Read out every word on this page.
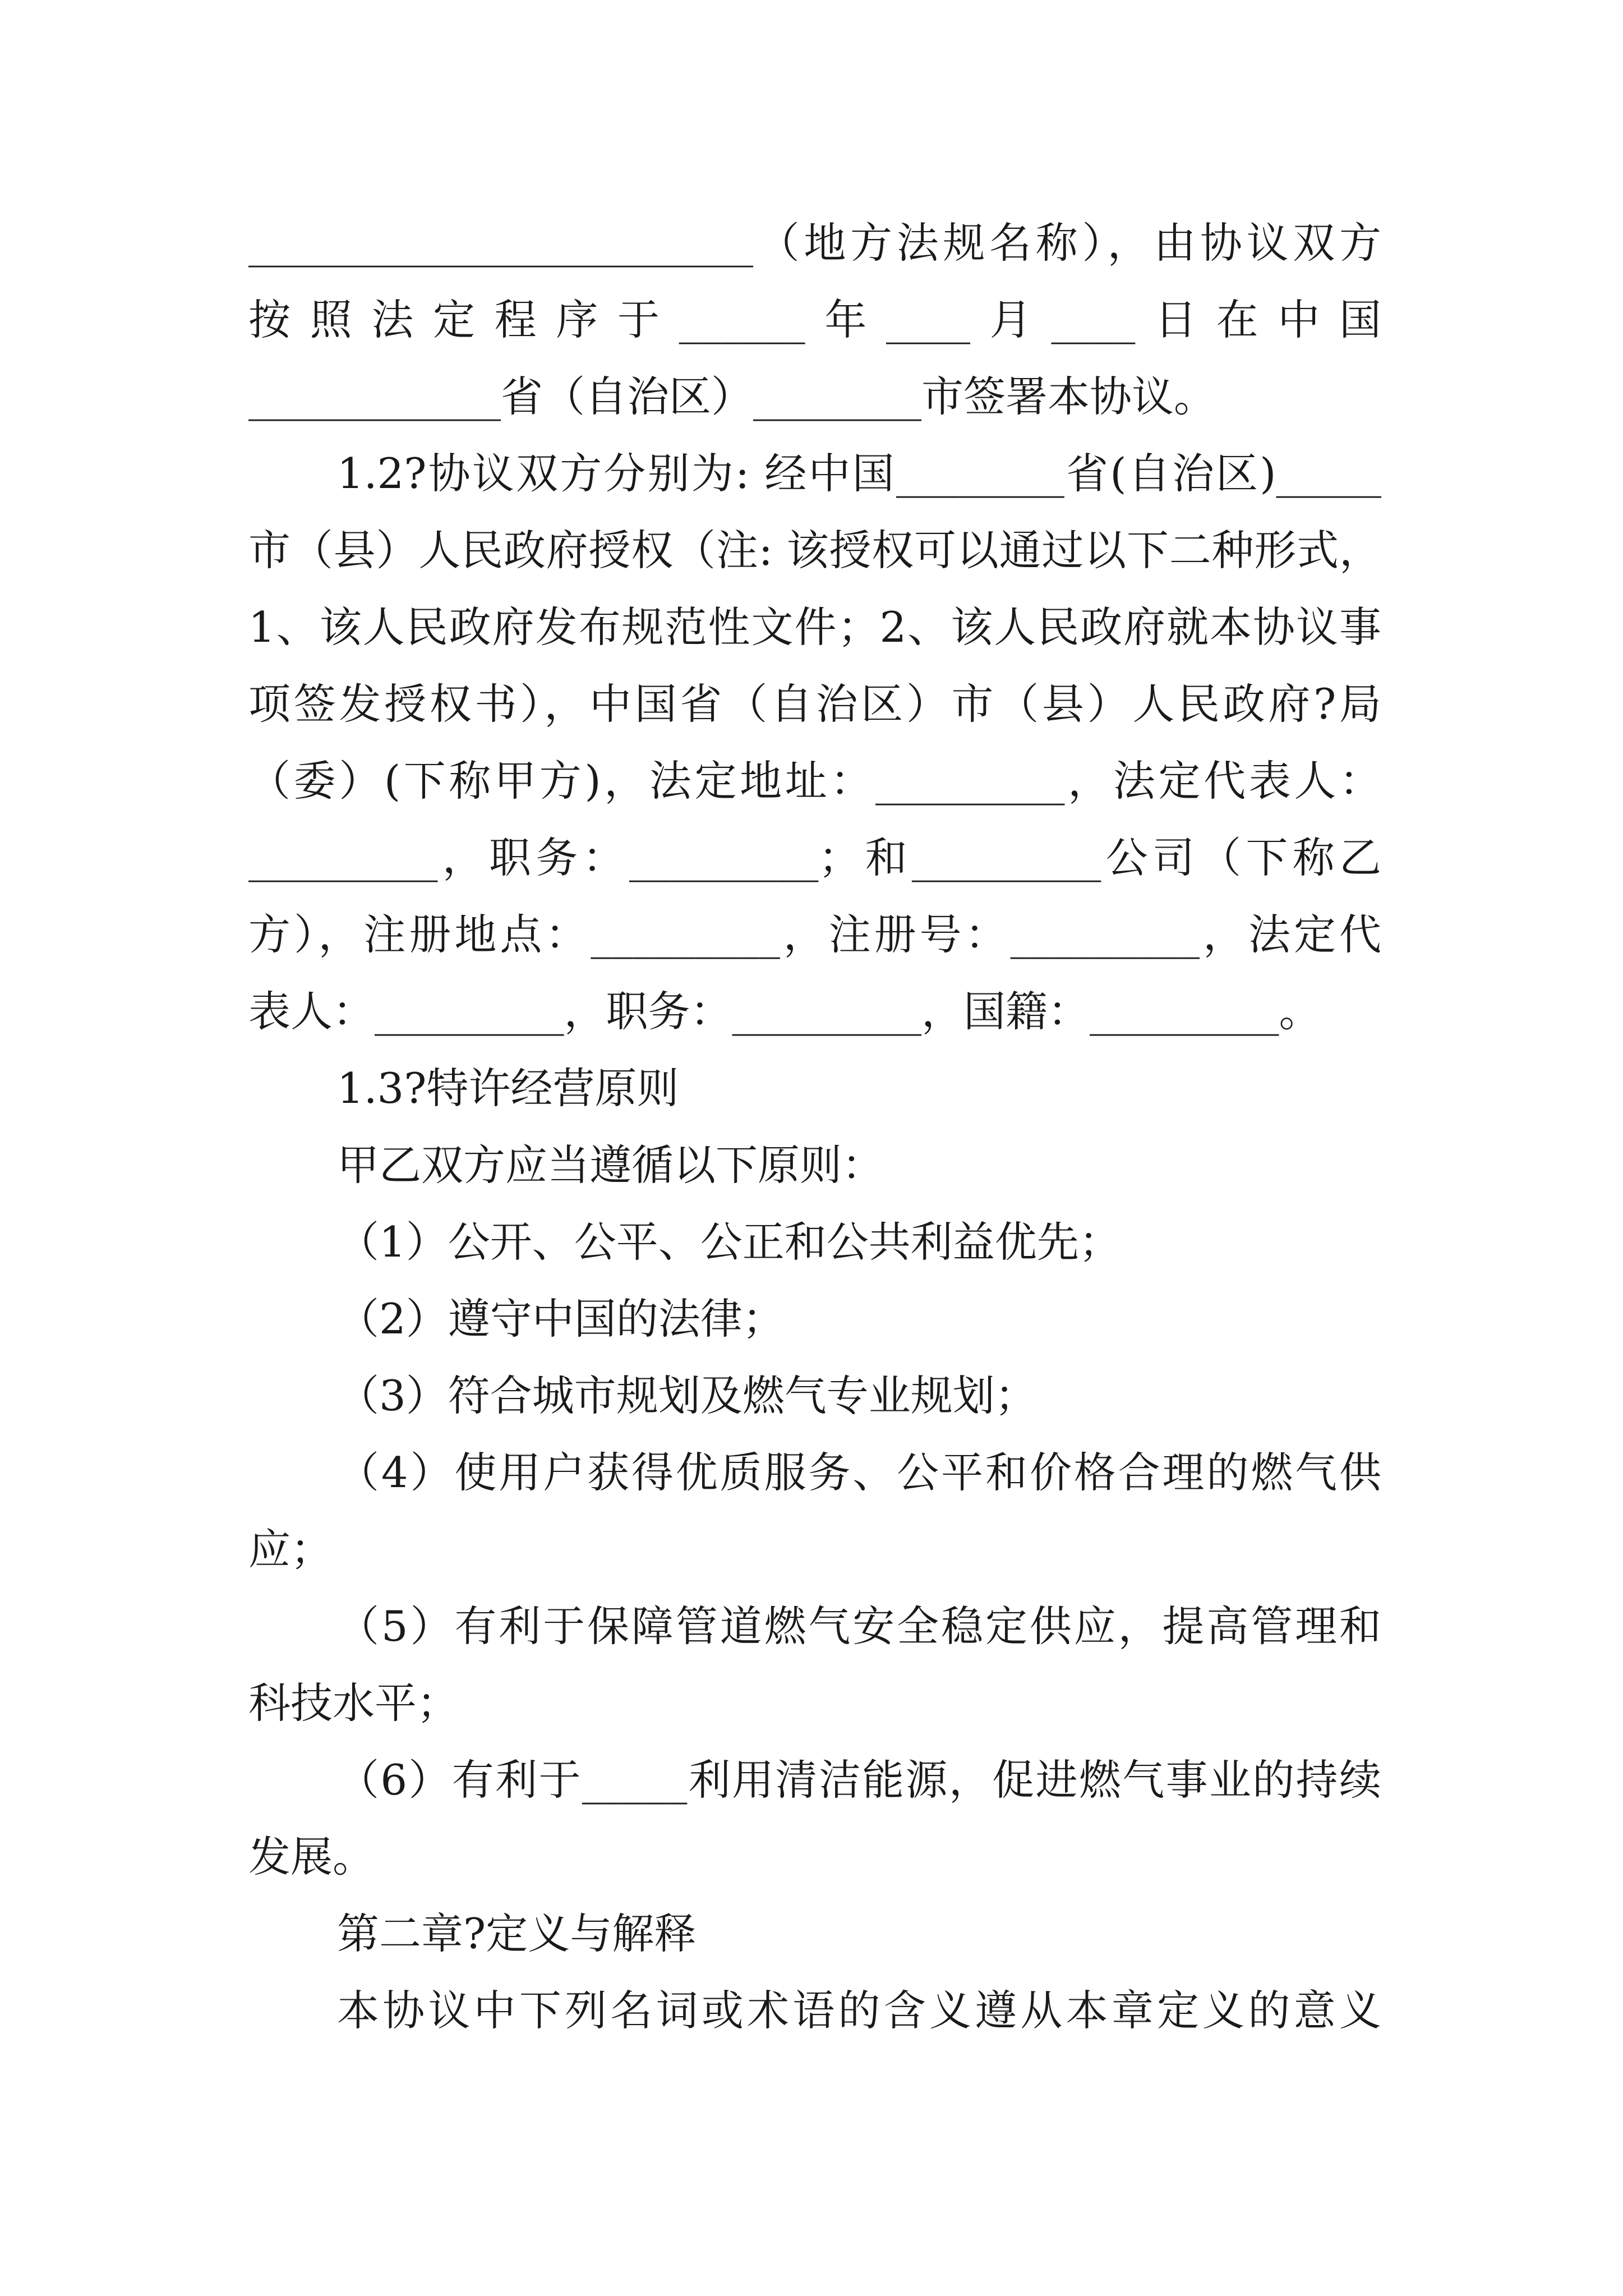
________________________（地方法规名称），由协议双方
按照法定程序于______年____月____日在中国
____________省（自治区）________市签署本协议。
1.2?协议双方分别为: 经中国________省(自治区)_____
市（县）人民政府授权（注: 该授权可以通过以下二种形式，
1、该人民政府发布规范性文件；2、该人民政府就本协议事
项签发授权书），中国省（自治区）市（县）人民政府?局
（委）(下称甲方)，法定地址：_________，法定代表人：
_________，职务：_________；和_________公司（下称乙
方），注册地点：_________，注册号：_________，法定代
表人：_________，职务：_________，国籍：_________。
1.3?特许经营原则
甲乙双方应当遵循以下原则：
（1）公开、公平、公正和公共利益优先；
（2）遵守中国的法律；
（3）符合城市规划及燃气专业规划；
（4）使用户获得优质服务、公平和价格合理的燃气供
应；
（5）有利于保障管道燃气安全稳定供应，提高管理和
科技水平；
（6）有利于_____利用清洁能源，促进燃气事业的持续
发展。
第二章?定义与解释
本协议中下列名词或术语的含义遵从本章定义的意义
